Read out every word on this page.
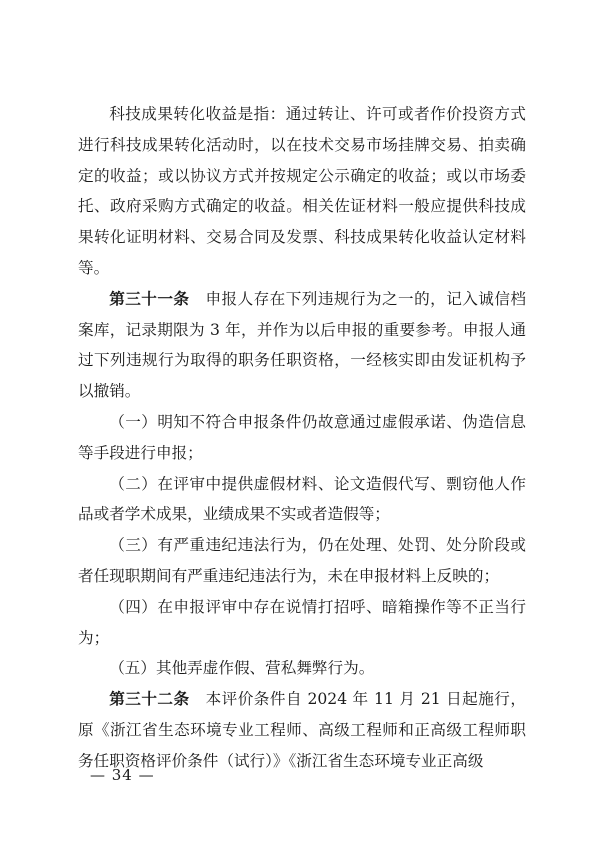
科技成果转化收益是指：通过转让、许可或者作价投资方式进行科技成果转化活动时，以在技术交易市场挂牌交易、拍卖确定的收益；或以协议方式并按规定公示确定的收益；或以市场委托、政府采购方式确定的收益。相关佐证材料一般应提供科技成果转化证明材料、交易合同及发票、科技成果转化收益认定材料等。

第三十一条　申报人存在下列违规行为之一的，记入诚信档案库，记录期限为 3 年，并作为以后申报的重要参考。申报人通过下列违规行为取得的职务任职资格，一经核实即由发证机构予以撤销。

（一）明知不符合申报条件仍故意通过虚假承诺、伪造信息等手段进行申报；

（二）在评审中提供虚假材料、论文造假代写、剽窃他人作品或者学术成果，业绩成果不实或者造假等；

（三）有严重违纪违法行为，仍在处理、处罚、处分阶段或者任现职期间有严重违纪违法行为，未在申报材料上反映的；

（四）在申报评审中存在说情打招呼、暗箱操作等不正当行为；

（五）其他弄虚作假、营私舞弊行为。

第三十二条　本评价条件自 2024 年 11 月 21 日起施行，原《浙江省生态环境专业工程师、高级工程师和正高级工程师职务任职资格评价条件（试行）》《浙江省生态环境专业正高级

— 34 —
